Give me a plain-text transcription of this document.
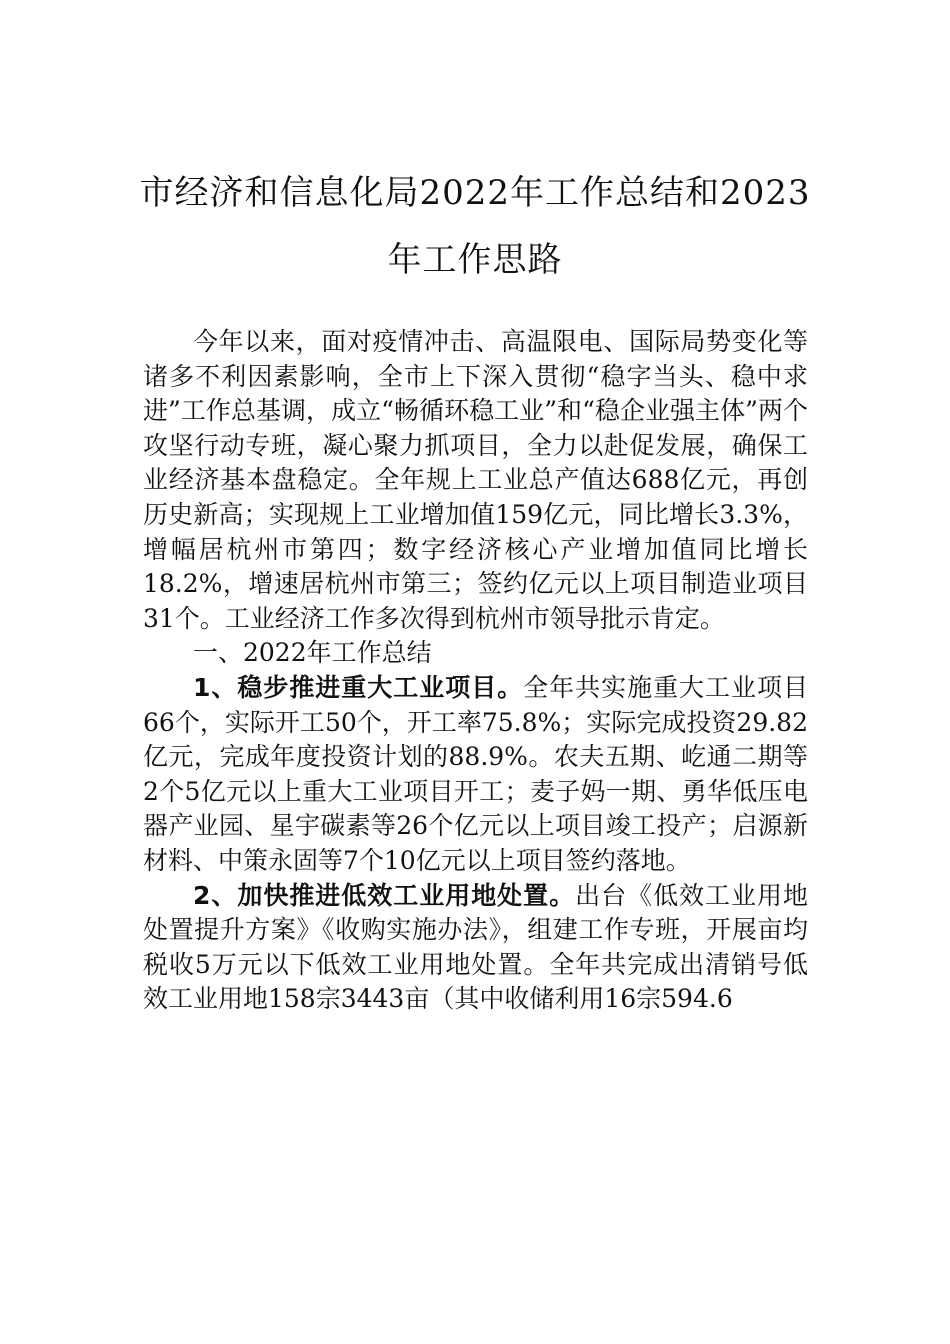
市经济和信息化局2022年工作总结和2023
年工作思路

今年以来，面对疫情冲击、高温限电、国际局势变化等诸多不利因素影响，全市上下深入贯彻“稳字当头、稳中求进”工作总基调，成立“畅循环稳工业”和“稳企业强主体”两个攻坚行动专班，凝心聚力抓项目，全力以赴促发展，确保工业经济基本盘稳定。全年规上工业总产值达688亿元，再创历史新高；实现规上工业增加值159亿元，同比增长3.3%，增幅居杭州市第四；数字经济核心产业增加值同比增长18.2%，增速居杭州市第三；签约亿元以上项目制造业项目31个。工业经济工作多次得到杭州市领导批示肯定。

一、2022年工作总结

1、稳步推进重大工业项目。全年共实施重大工业项目66个，实际开工50个，开工率75.8%；实际完成投资29.82亿元，完成年度投资计划的88.9%。农夫五期、屹通二期等2个5亿元以上重大工业项目开工；麦子妈一期、勇华低压电器产业园、星宇碳素等26个亿元以上项目竣工投产；启源新材料、中策永固等7个10亿元以上项目签约落地。

2、加快推进低效工业用地处置。出台《低效工业用地处置提升方案》《收购实施办法》，组建工作专班，开展亩均税收5万元以下低效工业用地处置。全年共完成出清销号低效工业用地158宗3443亩（其中收储利用16宗594.6
